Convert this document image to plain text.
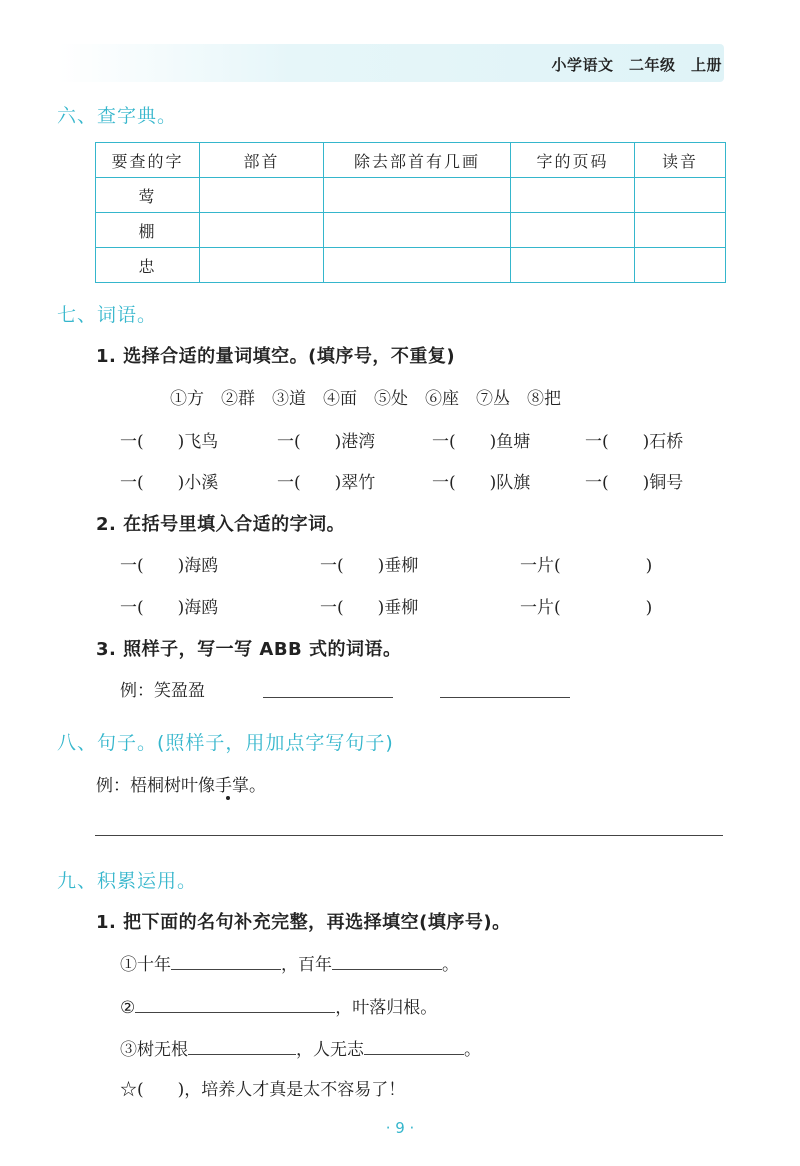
小学语文　二年级　上册
六、查字典。
要查的字	部首	除去部首有几画	字的页码	读音
莺				
棚				
忠				
七、词语。
1. 选择合适的量词填空。(填序号，不重复)
①方　②群　③道　④面　⑤处　⑥座　⑦丛　⑧把
一(　　)飞鸟	一(　　)港湾	一(　　)鱼塘	一(　　)石桥
一(　　)小溪	一(　　)翠竹	一(　　)队旗	一(　　)铜号
2. 在括号里填入合适的字词。
一(　　)海鸥	一(　　)垂柳	一片(　　　　　)
一(　　)海鸥	一(　　)垂柳	一片(　　　　　)
3. 照样子，写一写 ABB 式的词语。
例：笑盈盈
八、句子。(照样子，用加点字写句子)
例：梧桐树叶像手掌。
九、积累运用。
1. 把下面的名句补充完整，再选择填空(填序号)。
①十年	，百年	。
②	，叶落归根。
③树无根	，人无志	。
☆(　　)，培养人才真是太不容易了！
· 9 ·
